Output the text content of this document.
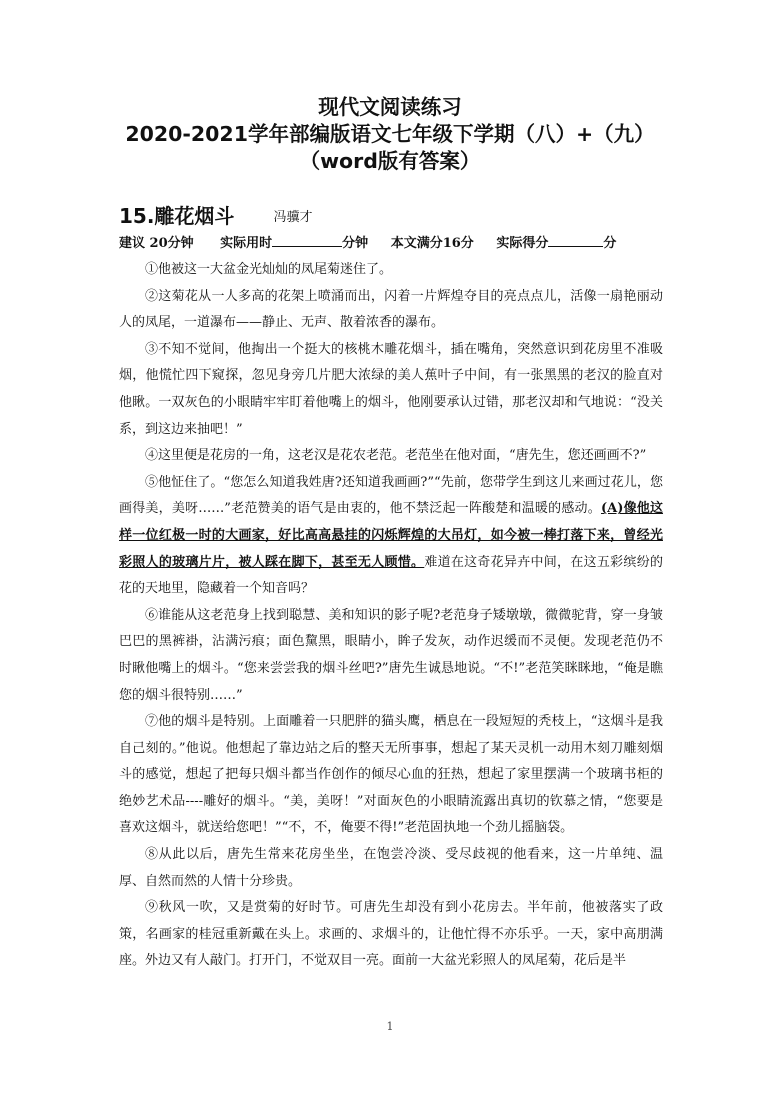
现代文阅读练习
2020-2021学年部编版语文七年级下学期（八）+（九）
（word版有答案）
15.雕花烟斗	冯骥才
建议 20分钟 实际用时	分钟 本文满分16分 实际得分	分

①他被这一大盆金光灿灿的凤尾菊迷住了。

②这菊花从一人多高的花架上喷涌而出，闪着一片辉煌夺目的亮点点儿，活像一扇艳丽动人的凤尾，一道瀑布——静止、无声、散着浓香的瀑布。

③不知不觉间，他掏出一个挺大的核桃木雕花烟斗，插在嘴角，突然意识到花房里不准吸烟，他慌忙四下窥探，忽见身旁几片肥大浓绿的美人蕉叶子中间，有一张黑黑的老汉的脸直对他瞅。一双灰色的小眼睛牢牢盯着他嘴上的烟斗，他刚要承认过错，那老汉却和气地说：“没关系，到这边来抽吧！”

④这里便是花房的一角，这老汉是花农老范。老范坐在他对面，“唐先生，您还画画不?”

⑤他怔住了。“您怎么知道我姓唐?还知道我画画?”“先前，您带学生到这儿来画过花儿，您画得美，美呀……”老范赞美的语气是由衷的，他不禁泛起一阵酸楚和温暖的感动。(A)像他这样一位红极一时的大画家，好比高高悬挂的闪烁辉煌的大吊灯，如今被一棒打落下来，曾经光彩照人的玻璃片片，被人踩在脚下，甚至无人顾惜。难道在这奇花异卉中间，在这五彩缤纷的花的天地里，隐藏着一个知音吗？

⑥谁能从这老范身上找到聪慧、美和知识的影子呢?老范身子矮墩墩，微微驼背，穿一身皱巴巴的黑裤褂，沾满污痕；面色黧黑，眼睛小，眸子发灰，动作迟缓而不灵便。发现老范仍不时瞅他嘴上的烟斗。“您来尝尝我的烟斗丝吧?”唐先生诚恳地说。“不!”老范笑眯眯地，“俺是瞧您的烟斗很特别……”

⑦他的烟斗是特别。上面雕着一只肥胖的猫头鹰，栖息在一段短短的秃枝上，“这烟斗是我自己刻的。”他说。他想起了靠边站之后的整天无所事事，想起了某天灵机一动用木刻刀雕刻烟斗的感觉，想起了把每只烟斗都当作创作的倾尽心血的狂热，想起了家里摆满一个玻璃书柜的绝妙艺术品----雕好的烟斗。“美，美呀！”对面灰色的小眼睛流露出真切的钦慕之情，“您要是喜欢这烟斗，就送给您吧！”“不，不，俺要不得!”老范固执地一个劲儿摇脑袋。

⑧从此以后，唐先生常来花房坐坐，在饱尝冷淡、受尽歧视的他看来，这一片单纯、温厚、自然而然的人情十分珍贵。

⑨秋风一吹，又是赏菊的好时节。可唐先生却没有到小花房去。半年前，他被落实了政策，名画家的桂冠重新戴在头上。求画的、求烟斗的，让他忙得不亦乐乎。一天，家中高朋满座。外边又有人敲门。打开门，不觉双目一亮。面前一大盆光彩照人的凤尾菊，花后是半

1
